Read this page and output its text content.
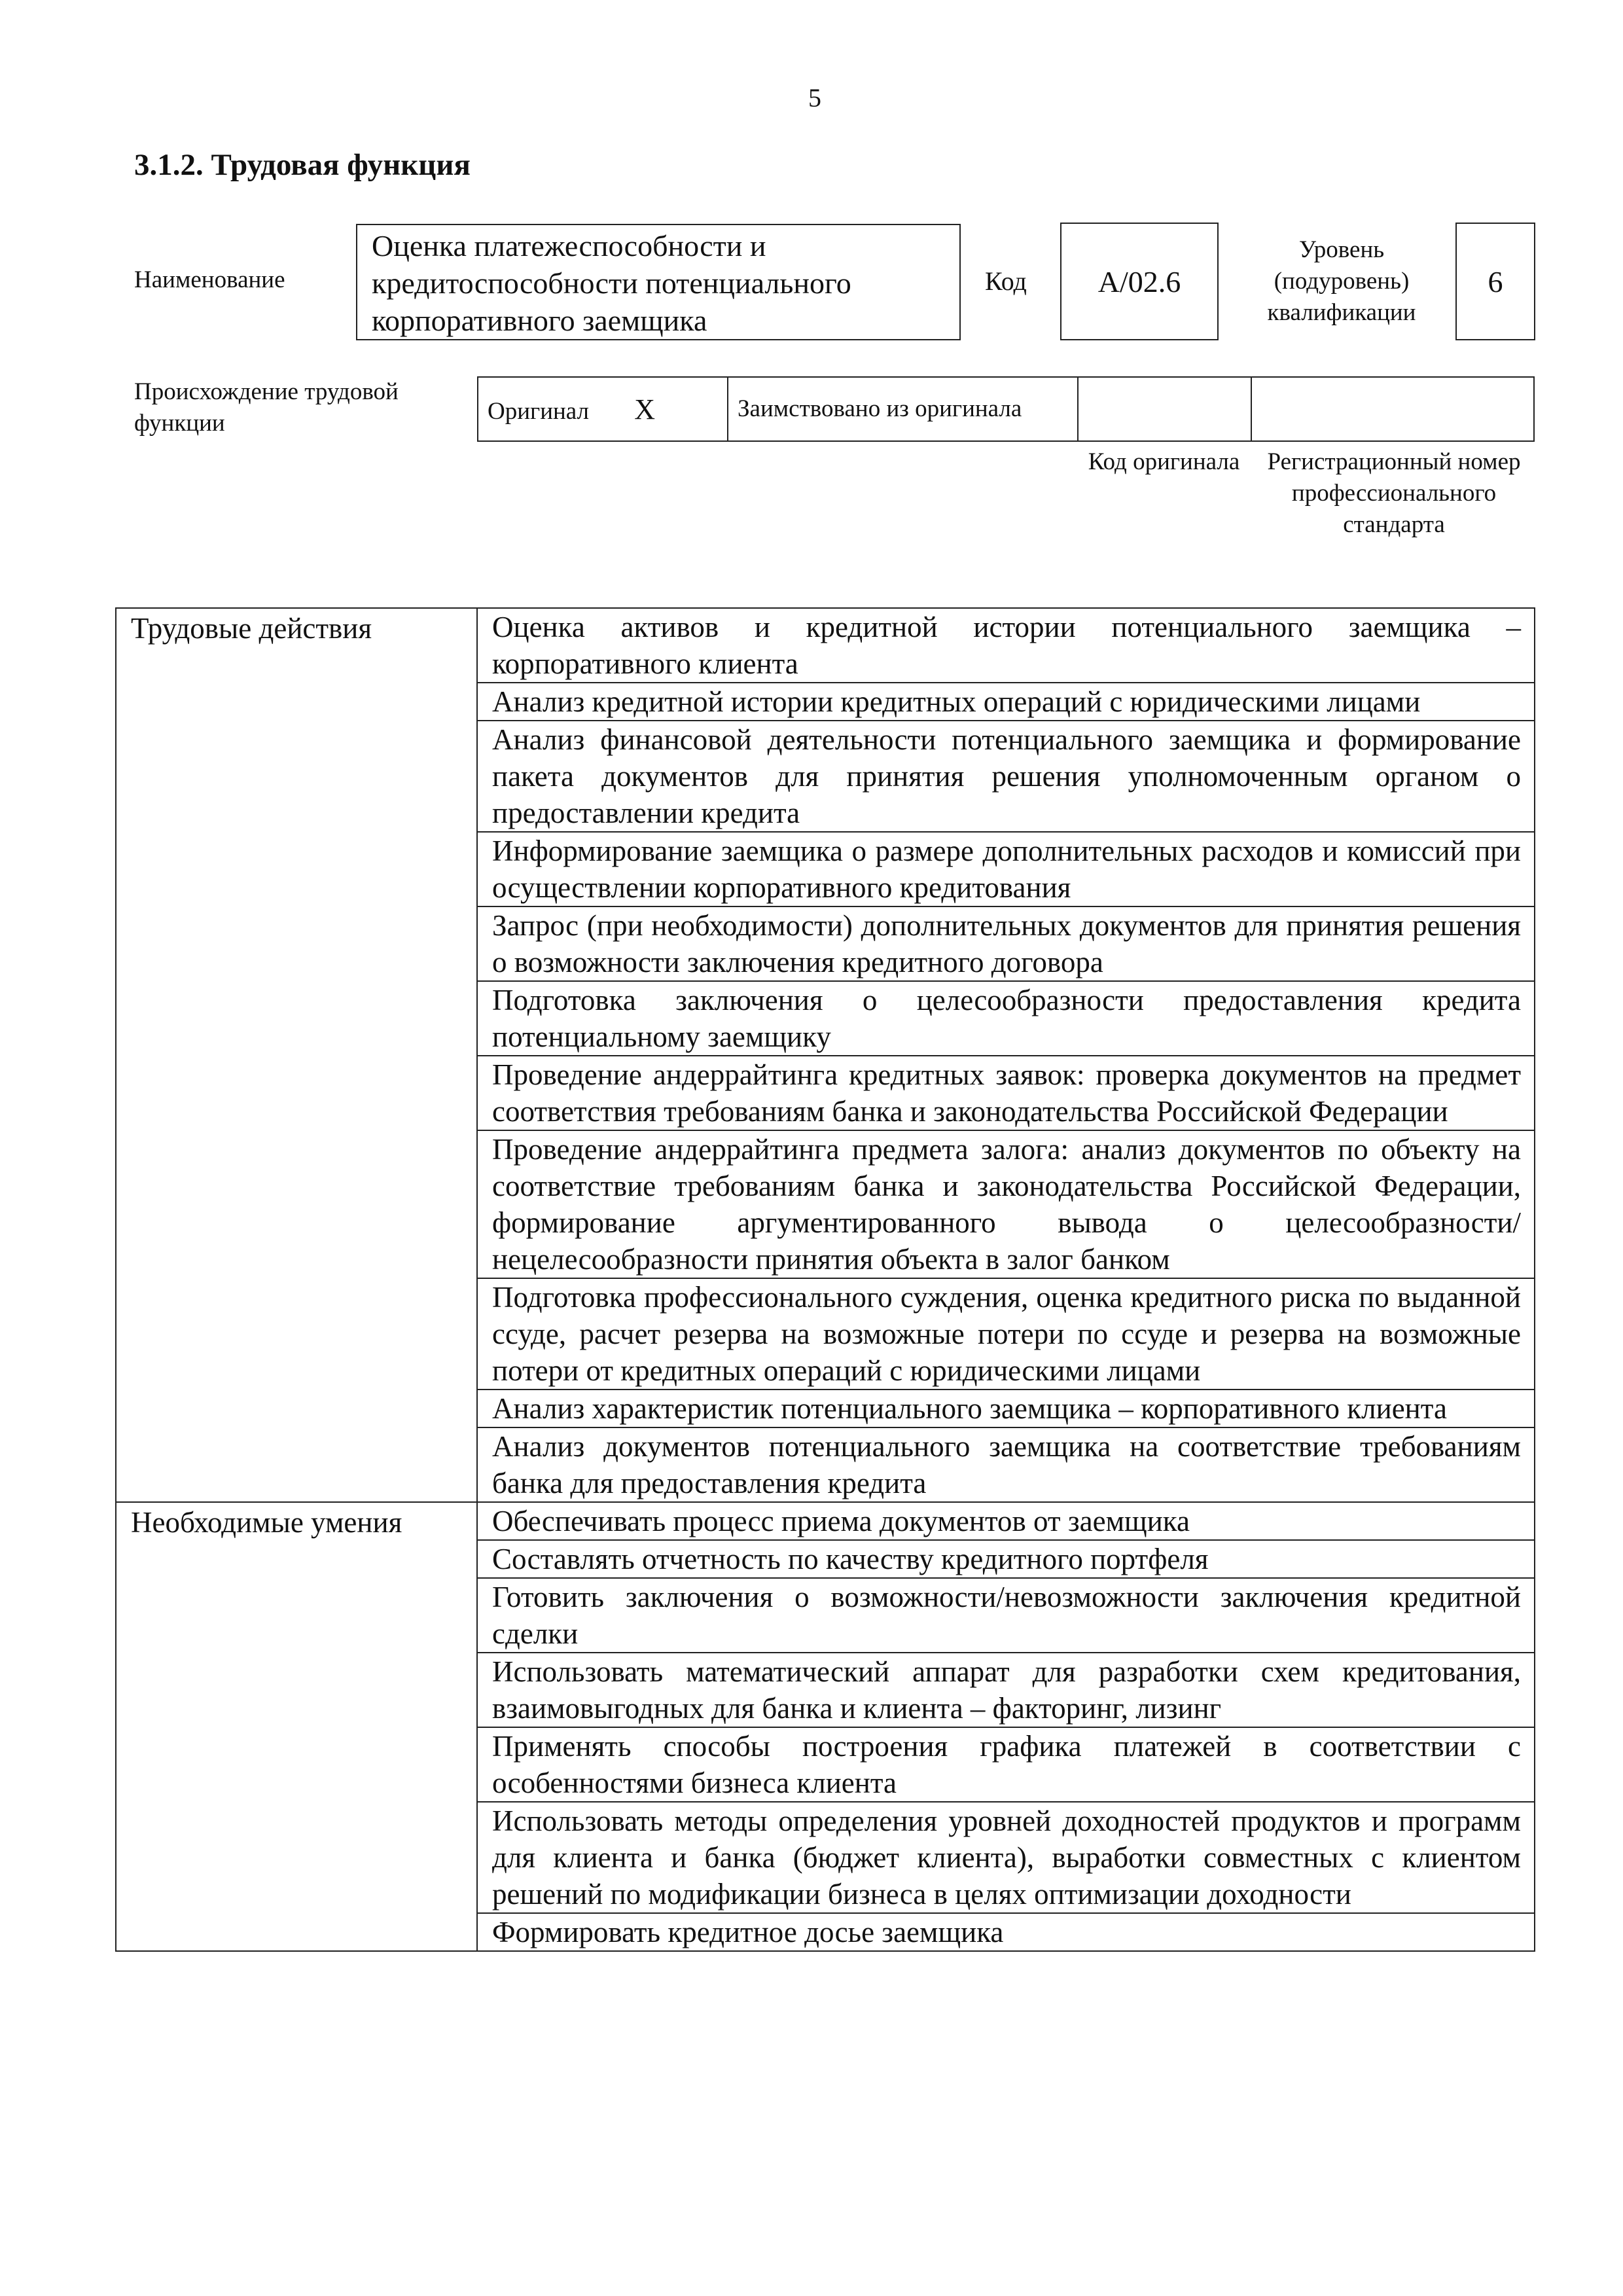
5
3.1.2. Трудовая функция
Наименование
Оценка платежеспособности и кредитоспособности потенциального корпоративного заемщика
Код	А/02.6
Уровень (подуровень) квалификации
6
Происхождение трудовой функции	Оригинал X	Заимствовано из оригинала		
Код оригинала	Регистрационный номер профессионального стандарта
Трудовые действия	Оценка активов и кредитной истории потенциального заемщика – корпоративного клиента
	Анализ кредитной истории кредитных операций с юридическими лицами
	Анализ финансовой деятельности потенциального заемщика и формирование пакета документов для принятия решения уполномоченным органом о предоставлении кредита
	Информирование заемщика о размере дополнительных расходов и комиссий при осуществлении корпоративного кредитования
	Запрос (при необходимости) дополнительных документов для принятия решения о возможности заключения кредитного договора
	Подготовка заключения о целесообразности предоставления кредита потенциальному заемщику
	Проведение андеррайтинга кредитных заявок: проверка документов на предмет соответствия требованиям банка и законодательства Российской Федерации
	Проведение андеррайтинга предмета залога: анализ документов по объекту на соответствие требованиям банка и законодательства Российской Федерации, формирование аргументированного вывода о целесообразности/ нецелесообразности принятия объекта в залог банком
	Подготовка профессионального суждения, оценка кредитного риска по выданной ссуде, расчет резерва на возможные потери по ссуде и резерва на возможные потери от кредитных операций с юридическими лицами
	Анализ характеристик потенциального заемщика – корпоративного клиента
	Анализ документов потенциального заемщика на соответствие требованиям банка для предоставления кредита
Необходимые умения	Обеспечивать процесс приема документов от заемщика
	Составлять отчетность по качеству кредитного портфеля
	Готовить заключения о возможности/невозможности заключения кредитной сделки
	Использовать математический аппарат для разработки схем кредитования, взаимовыгодных для банка и клиента – факторинг, лизинг
	Применять способы построения графика платежей в соответствии с особенностями бизнеса клиента
	Использовать методы определения уровней доходностей продуктов и программ для клиента и банка (бюджет клиента), выработки совместных с клиентом решений по модификации бизнеса в целях оптимизации доходности
	Формировать кредитное досье заемщика
